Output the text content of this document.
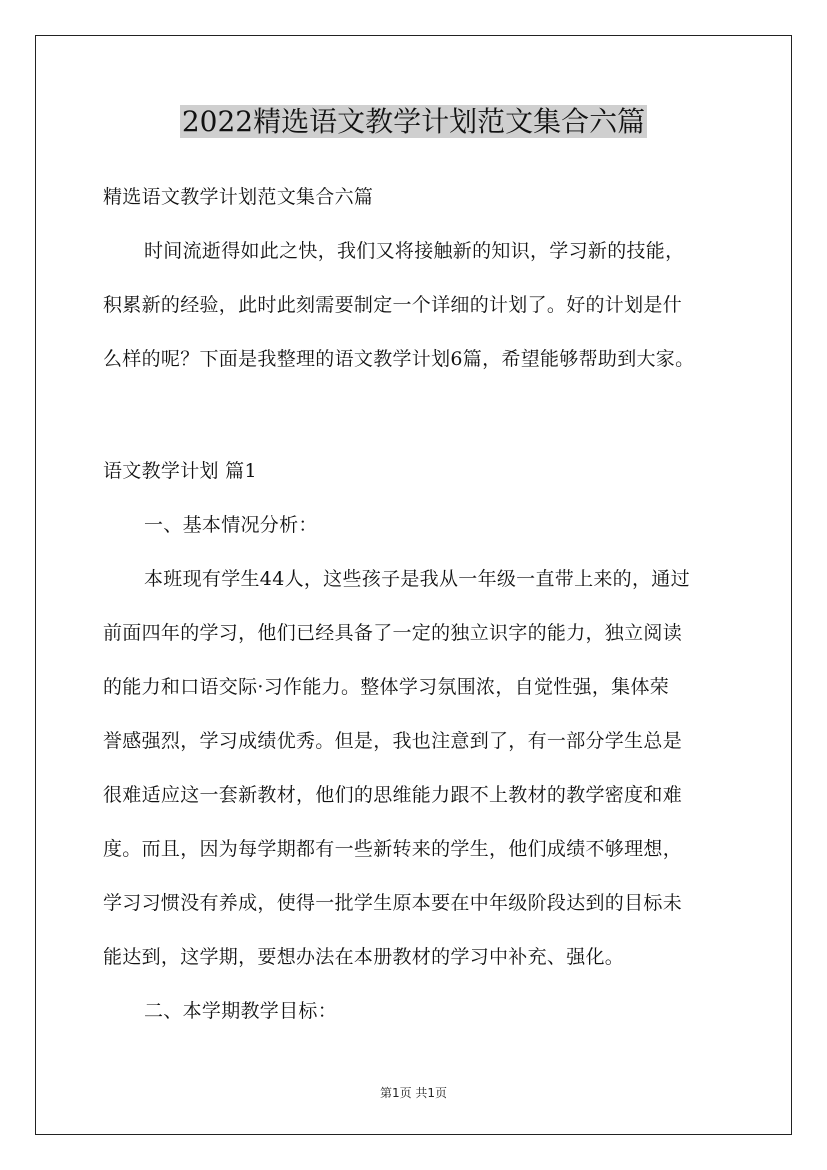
2022精选语文教学计划范文集合六篇
精选语文教学计划范文集合六篇
时间流逝得如此之快，我们又将接触新的知识，学习新的技能，
积累新的经验，此时此刻需要制定一个详细的计划了。好的计划是什
么样的呢？下面是我整理的语文教学计划6篇，希望能够帮助到大家。
语文教学计划 篇1
一、基本情况分析：
本班现有学生44人，这些孩子是我从一年级一直带上来的，通过
前面四年的学习，他们已经具备了一定的独立识字的能力，独立阅读
的能力和口语交际·习作能力。整体学习氛围浓，自觉性强，集体荣
誉感强烈，学习成绩优秀。但是，我也注意到了，有一部分学生总是
很难适应这一套新教材，他们的思维能力跟不上教材的教学密度和难
度。而且，因为每学期都有一些新转来的学生，他们成绩不够理想，
学习习惯没有养成，使得一批学生原本要在中年级阶段达到的目标未
能达到，这学期，要想办法在本册教材的学习中补充、强化。
二、本学期教学目标：
第1页 共1页
